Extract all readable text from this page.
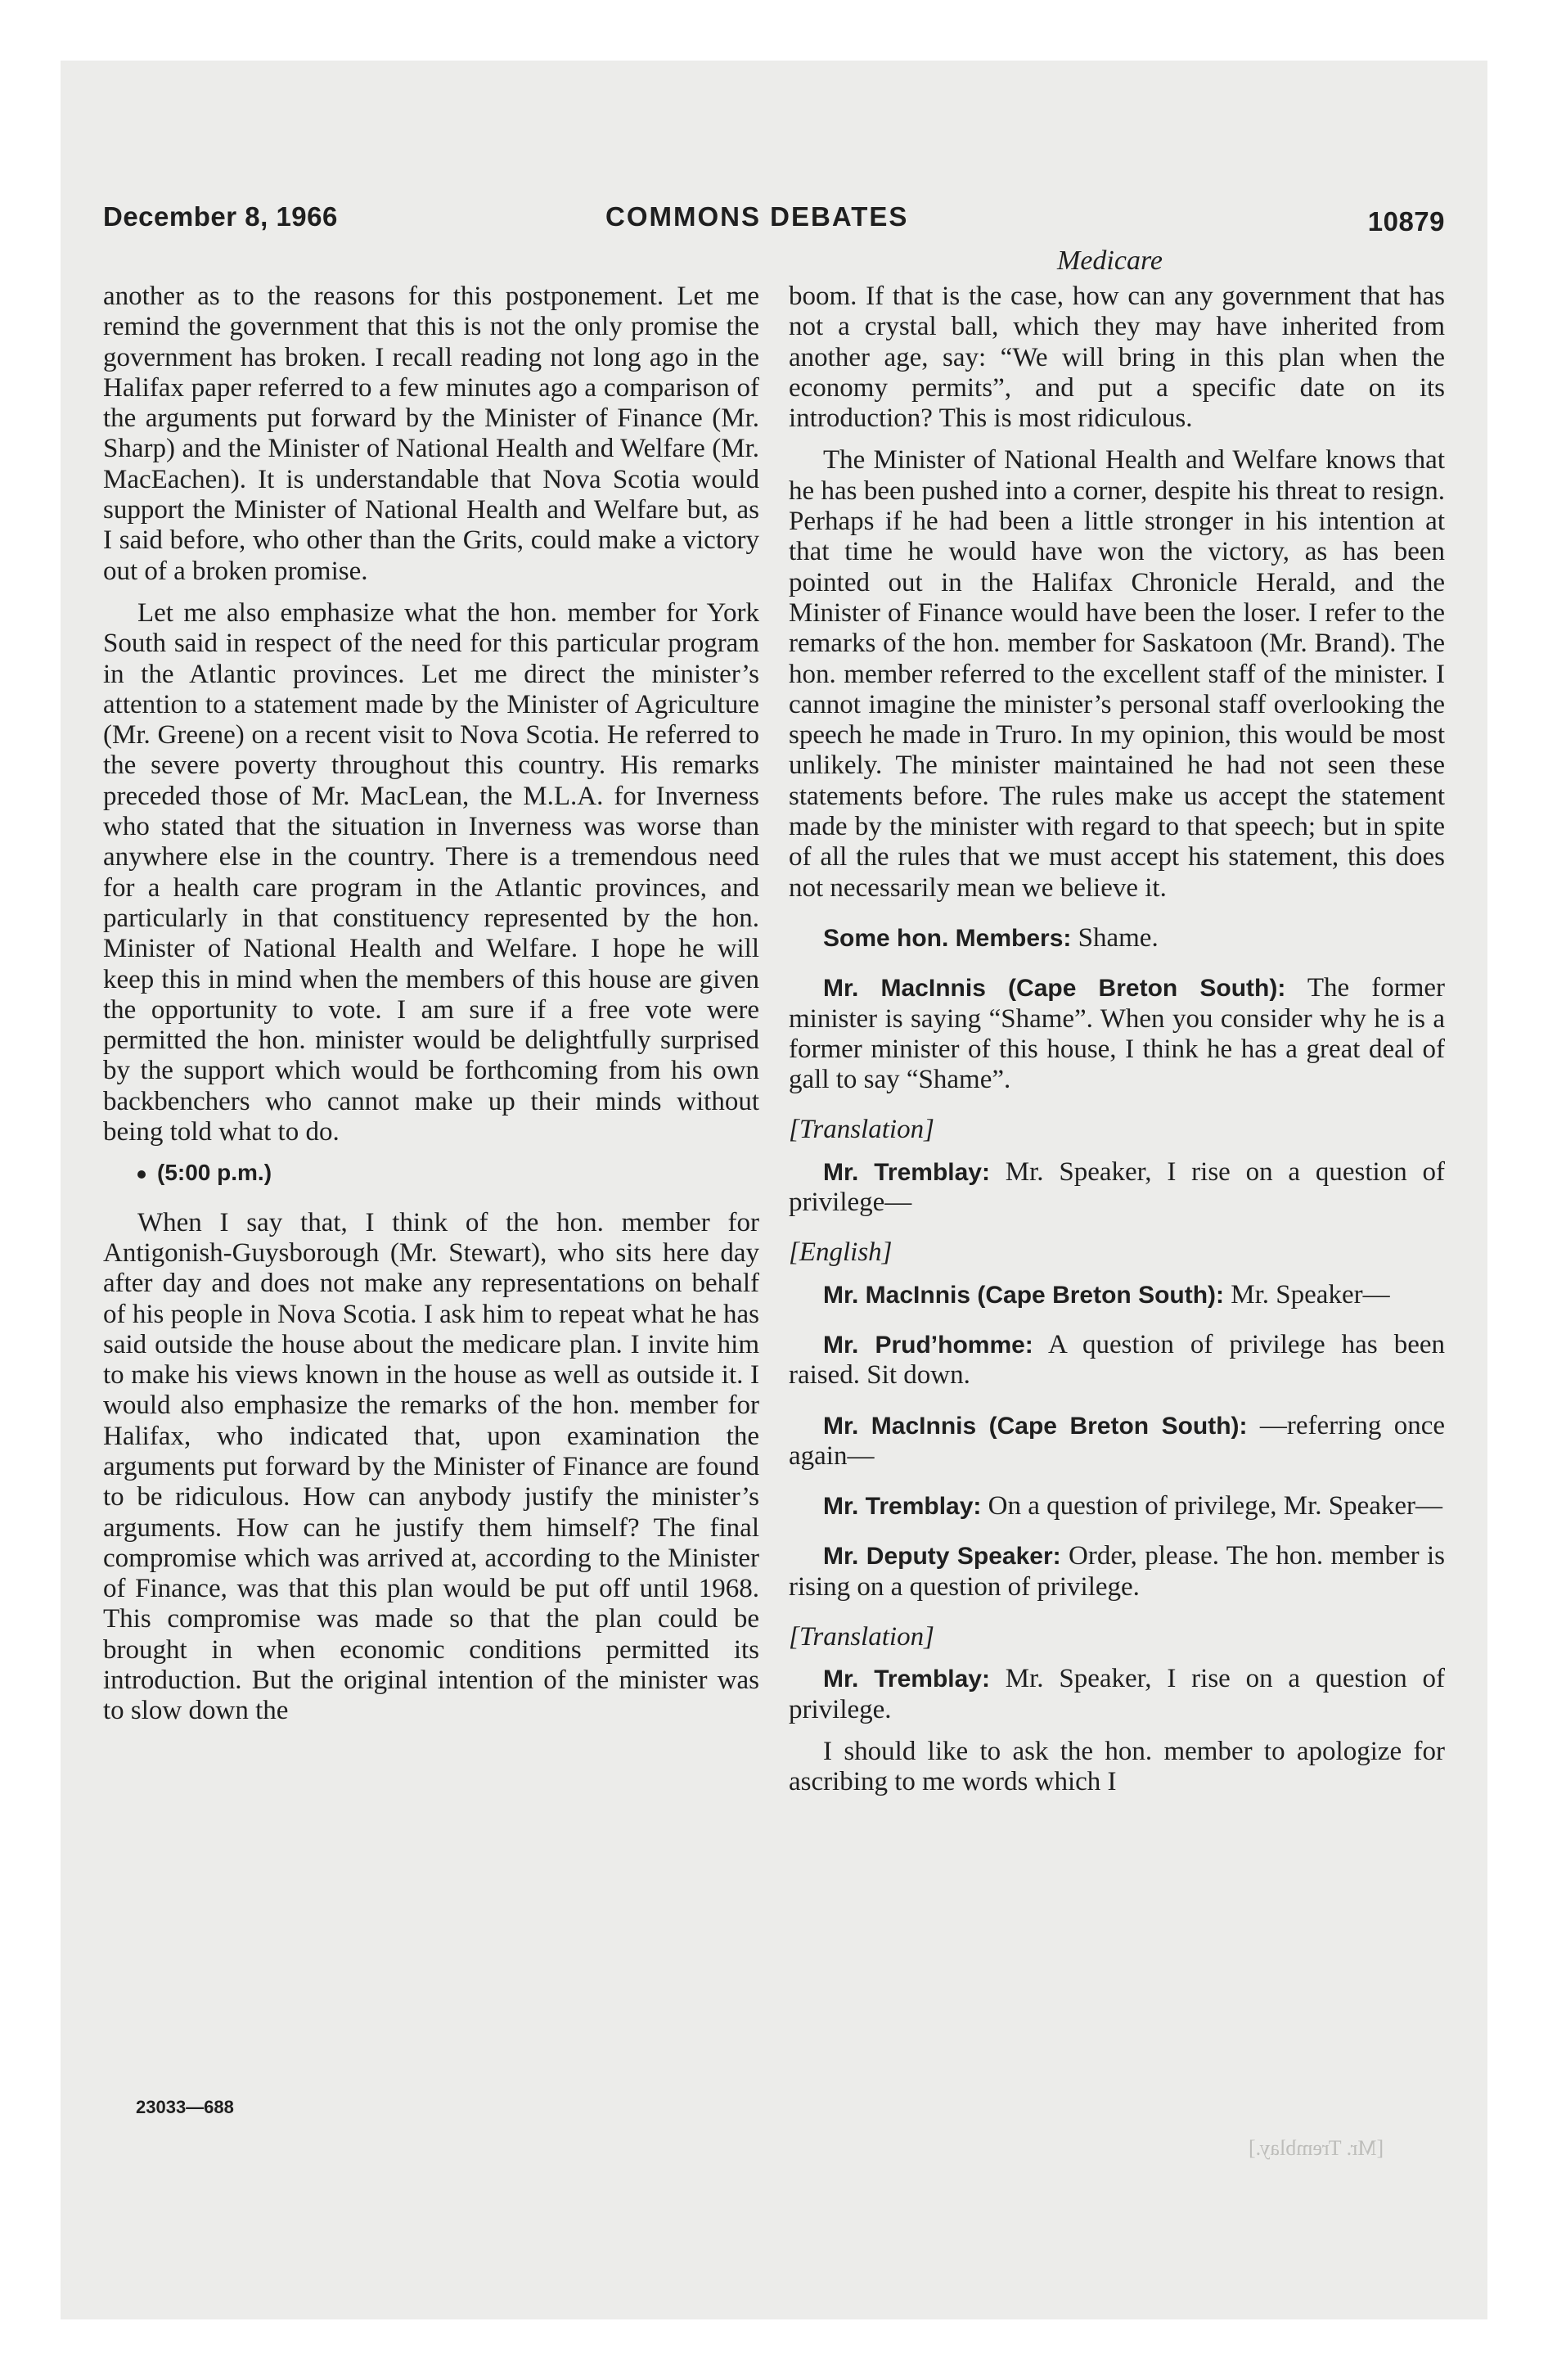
December 8, 1966	COMMONS DEBATES	10879
Medicare

another as to the reasons for this postponement. Let me remind the government that this is not the only promise the government has broken. I recall reading not long ago in the Halifax paper referred to a few minutes ago a comparison of the arguments put forward by the Minister of Finance (Mr. Sharp) and the Minister of National Health and Welfare (Mr. MacEachen). It is understandable that Nova Scotia would support the Minister of National Health and Welfare but, as I said before, who other than the Grits, could make a victory out of a broken promise.

Let me also emphasize what the hon. member for York South said in respect of the need for this particular program in the Atlantic provinces. Let me direct the minister’s attention to a statement made by the Minister of Agriculture (Mr. Greene) on a recent visit to Nova Scotia. He referred to the severe poverty throughout this country. His remarks preceded those of Mr. MacLean, the M.L.A. for Inverness who stated that the situation in Inverness was worse than anywhere else in the country. There is a tremendous need for a health care program in the Atlantic provinces, and particularly in that constituency represented by the hon. Minister of National Health and Welfare. I hope he will keep this in mind when the members of this house are given the opportunity to vote. I am sure if a free vote were permitted the hon. minister would be delightfully surprised by the support which would be forthcoming from his own backbenchers who cannot make up their minds without being told what to do.

(5:00 p.m.)

When I say that, I think of the hon. member for Antigonish-Guysborough (Mr. Stewart), who sits here day after day and does not make any representations on behalf of his people in Nova Scotia. I ask him to repeat what he has said outside the house about the medicare plan. I invite him to make his views known in the house as well as outside it. I would also emphasize the remarks of the hon. member for Halifax, who indicated that, upon examination the arguments put forward by the Minister of Finance are found to be ridiculous. How can anybody justify the minister’s arguments. How can he justify them himself? The final compromise which was arrived at, according to the Minister of Finance, was that this plan would be put off until 1968. This compromise was made so that the plan could be brought in when economic conditions permitted its introduction. But the original intention of the minister was to slow down the

boom. If that is the case, how can any government that has not a crystal ball, which they may have inherited from another age, say: “We will bring in this plan when the economy permits”, and put a specific date on its introduction? This is most ridiculous.

The Minister of National Health and Welfare knows that he has been pushed into a corner, despite his threat to resign. Perhaps if he had been a little stronger in his intention at that time he would have won the victory, as has been pointed out in the Halifax Chronicle Herald, and the Minister of Finance would have been the loser. I refer to the remarks of the hon. member for Saskatoon (Mr. Brand). The hon. member referred to the excellent staff of the minister. I cannot imagine the minister’s personal staff overlooking the speech he made in Truro. In my opinion, this would be most unlikely. The minister maintained he had not seen these statements before. The rules make us accept the statement made by the minister with regard to that speech; but in spite of all the rules that we must accept his statement, this does not necessarily mean we believe it.

Some hon. Members: Shame.

Mr. MacInnis (Cape Breton South): The former minister is saying “Shame”. When you consider why he is a former minister of this house, I think he has a great deal of gall to say “Shame”.

[Translation]

Mr. Tremblay: Mr. Speaker, I rise on a question of privilege—

[English]

Mr. MacInnis (Cape Breton South): Mr. Speaker—

Mr. Prud’homme: A question of privilege has been raised. Sit down.

Mr. MacInnis (Cape Breton South): —referring once again—

Mr. Tremblay: On a question of privilege, Mr. Speaker—

Mr. Deputy Speaker: Order, please. The hon. member is rising on a question of privilege.

[Translation]

Mr. Tremblay: Mr. Speaker, I rise on a question of privilege.

I should like to ask the hon. member to apologize for ascribing to me words which I

23033—688
[Mr. Tremblay.]
